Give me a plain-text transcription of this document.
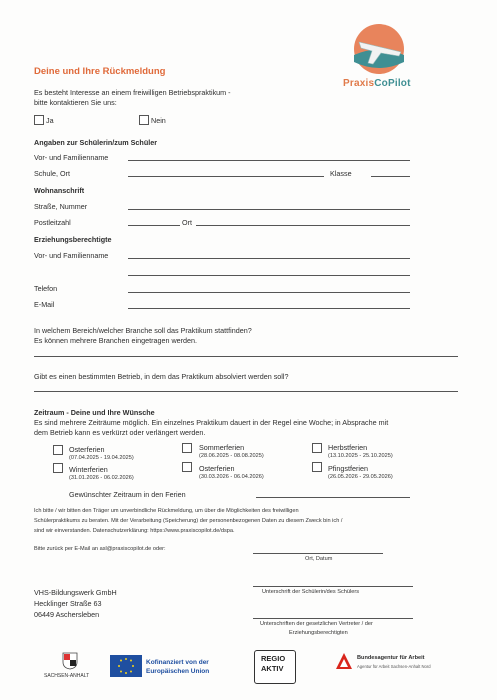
PraxisCoPilot
Deine und Ihre Rückmeldung
Es besteht Interesse an einem freiwilligen Betriebspraktikum -
bitte kontaktieren Sie uns:
Ja	Nein
Angaben zur Schülerin/zum Schüler
Vor- und Familienname
Schule, Ort	Klasse
Wohnanschrift
Straße, Nummer
Postleitzahl	Ort
Erziehungsberechtigte
Vor- und Familienname
Telefon
E-Mail
In welchem Bereich/welcher Branche soll das Praktikum stattfinden?
Es können mehrere Branchen eingetragen werden.
Gibt es einen bestimmten Betrieb, in dem das Praktikum absolviert werden soll?
Zeitraum - Deine und Ihre Wünsche
Es sind mehrere Zeiträume möglich. Ein einzelnes Praktikum dauert in der Regel eine Woche; in Absprache mit
dem Betrieb kann es verkürzt oder verlängert werden.
Osterferien
(07.04.2025 - 19.04.2025)
Sommerferien
(28.06.2025 - 08.08.2025)
Herbstferien
(13.10.2025 - 25.10.2025)
Winterferien
(31.01.2026 - 06.02.2026)
Osterferien
(30.03.2026 - 06.04.2026)
Pfingstferien
(26.05.2026 - 29.05.2026)
Gewünschter Zeitraum in den Ferien
Ich bitte / wir bitten den Träger um unverbindliche Rückmeldung, um über die Möglichkeiten des freiwilligen
Schülerpraktikums zu beraten. Mit der Verarbeitung (Speicherung) der personenbezogenen Daten zu diesem Zweck bin ich /
sind wir einverstanden. Datenschutzerklärung: https://www.praxiscopilot.de/dspa.
Bitte zurück per E-Mail an asl@praxiscopilot.de oder:
Ort, Datum
VHS-Bildungswerk GmbH
Hecklinger Straße 63
06449 Aschersleben
Unterschrift der Schülerin/des Schülers
Unterschriften der gesetzlichen Vertreter / der
Erziehungsberechtigten
SACHSEN-ANHALT
Kofinanziert von der
Europäischen Union
REGIO
AKTIV
Bundesagentur für Arbeit
Agentur für Arbeit Sachsen-Anhalt Nord
